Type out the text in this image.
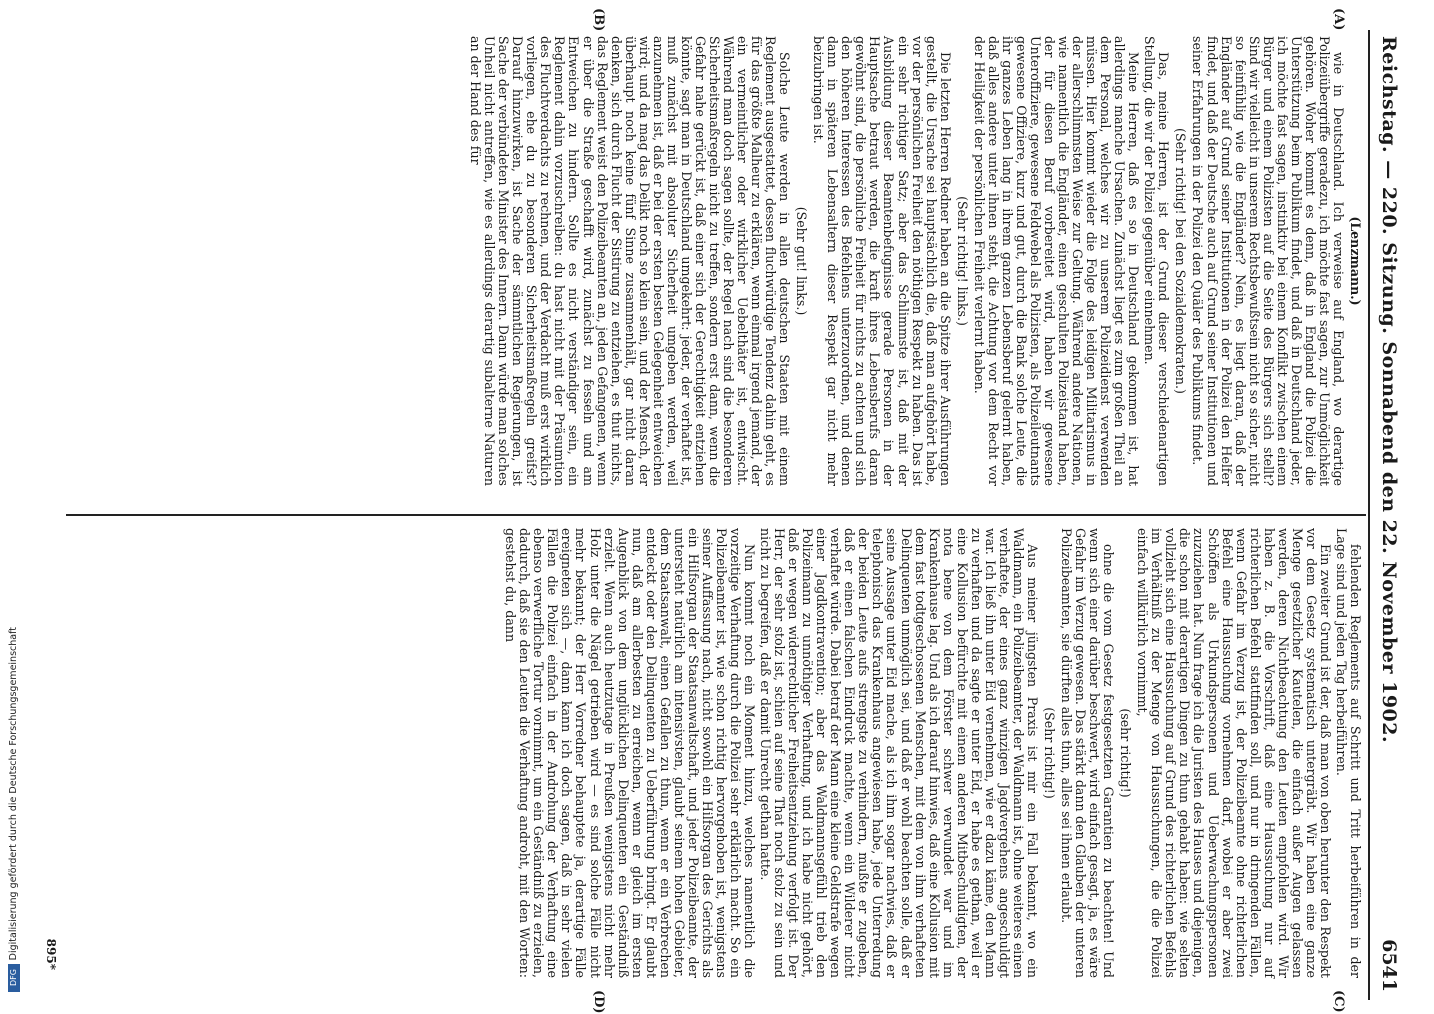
Reichstag. — 220. Sitzung. Sonnabend den 22. November 1902.
6541
(A)
(B)
(C)
(D)

(Lenzmann.)

wie in Deutschland. Ich verweise auf England, wo derartige Polizeiübergriffe geradezu, ich möchte fast sagen, zur Unmöglichkeit gehören. Woher kommt es denn, daß in England die Polizei die Unterstützung beim Publikum findet, und daß in Deutschland jeder, ich möchte fast sagen, instinktiv bei einem Konflikt zwischen einem Bürger und einem Polizisten auf die Seite des Bürgers sich stellt? Sind wir vielleicht in unserem Rechtsbewußtsein nicht so sicher, nicht so feinfühlig wie die Engländer? Nein, es liegt daran, daß der Engländer auf Grund seiner Institutionen in der Polizei den Helfer findet, und daß der Deutsche auch auf Grund seiner Institutionen und seiner Erfahrungen in der Polizei den Quäler des Publikums findet.

(Sehr richtig! bei den Sozialdemokraten.)

Das, meine Herren, ist der Grund dieser verschiedenartigen Stellung, die wir der Polizei gegenüber einnehmen.

Meine Herren, daß es so in Deutschland gekommen ist, hat allerdings manche Ursachen. Zunächst liegt es zum großen Theil an dem Personal, welches wir zu unserem Polizeidienst verwenden müssen. Hier kommt wieder die Folge des leidigen Militarismus in der allerschlimmsten Weise zur Geltung. Während andere Nationen, wie namentlich die Engländer, einen geschulten Polizeistand haben, der für diesen Beruf vorbereitet wird, haben wir gewesene Unteroffiziere, gewesene Feldwebel als Polizisten, als Polizeileutnants gewesene Offiziere, kurz und gut, durch die Bank solche Leute, die ihr ganzes Leben lang in ihrem ganzen Lebensberuf gelernt haben, daß alles andere unter ihnen steht, die Achtung vor dem Recht vor der Heiligkeit der persönlichen Freiheit verlernt haben.

(Sehr richtig! links.)

Die letzten Herren Redner haben an die Spitze ihrer Ausführungen gestellt, die Ursache sei hauptsächlich die, daß man aufgehört habe, vor der persönlichen Freiheit den nöthigen Respekt zu haben. Das ist ein sehr richtiger Satz; aber das Schlimmste ist, daß mit der Ausbildung dieser Beamtenbefugnisse gerade Personen in der Hauptsache betraut werden, die kraft ihres Lebensberufs daran gewöhnt sind, die persönliche Freiheit für nichts zu achten und sich den höheren Interessen des Befehlens unterzuordnen, und denen dann in späteren Lebensaltern dieser Respekt gar nicht mehr beizubringen ist.

(Sehr gut! links.)

Solche Leute werden in allen deutschen Staaten mit einem Reglement ausgestattet, dessen fluchwürdige Tendenz dahin geht, es für das größte Malheur zu erklären, wenn einmal irgend jemand, der ein vermeintlicher oder wirklicher Uebelthäter ist, entwischt. Während man doch sagen sollte, der Regel nach sind die besonderen Sicherheitsmaßregeln nicht zu treffen, sondern erst dann, wenn die Gefahr nahe gerückt ist, daß einer sich der Gerechtigkeit entziehen könnte, sagt man in Deutschland umgekehrt: jeder, der verhaftet ist, muß zunächst mit absoluter Sicherheit umgeben werden, weil anzunehmen ist, daß er bei der ersten besten Gelegenheit entweichen wird; und da mag das Delikt noch so klein sein, und der Mensch, der überhaupt noch keine fünf Sinne zusammenhält, gar nicht daran denken, sich durch Flucht der Sistirung zu entziehen, es thut nichts, das Reglement weist den Polizeibeamten an, jeden Gefangenen, wenn er über die Straße geschafft wird, zunächst zu fesseln und am Entweichen zu hindern. Sollte es nicht verständiger sein, ein Reglement dahin vorzuschreiben: du hast nicht mit der Präsumtion des Fluchtverdachts zu rechnen, und der Verdacht muß erst wirklich vorliegen, ehe du zu besonderen Sicherheitsmaßregeln greifst? Darauf hinzuwirken, ist Sache der sämmtlichen Regierungen, ist Sache der verbündeten Minister des Innern. Dann würde man solches Unheil nicht antreffen, wie es allerdings derartig subalterne Naturen an der Hand des für

fehlenden Reglements auf Schritt und Tritt herbeiführen in der Lage sind und jeden Tag herbeiführen.

Ein zweiter Grund ist der, daß man von oben herunter den Respekt vor dem Gesetz systematisch untergräbt. Wir haben eine ganze Menge gesetzlicher Kautelen, die einfach außer Augen gelassen werden, deren Nichtbeachtung den Leuten empfohlen wird. Wir haben z. B. die Vorschrift, daß eine Haussuchung nur auf richterlichen Befehl stattfinden soll, und nur in dringenden Fällen, wenn Gefahr im Verzug ist, der Polizeibeamte ohne richterlichen Befehl eine Haussuchung vornehmen darf, wobei er aber zwei Schöffen als Urkundspersonen und Ueberwachungspersonen zuzuziehen hat. Nun frage ich die Juristen des Hauses und diejenigen, die schon mit derartigen Dingen zu thun gehabt haben: wie selten vollzieht sich eine Haussuchung auf Grund des richterlichen Befehls im Verhältniß zu der Menge von Haussuchungen, die die Polizei einfach willkürlich vornimmt,

(sehr richtig!)

ohne die vom Gesetz festgesetzten Garantien zu beachten! Und wenn sich einer darüber beschwert, wird einfach gesagt, ja, es wäre Gefahr im Verzug gewesen. Das stärkt dann den Glauben der unteren Polizeibeamten, sie dürften alles thun, alles sei ihnen erlaubt.

(Sehr richtig!)

Aus meiner jüngsten Praxis ist mir ein Fall bekannt, wo ein Waldmann, ein Polizeibeamter, der Waldmann ist, ohne weiteres einen verhaftete, der eines ganz winzigen Jagdvergehens angeschuldigt war. Ich ließ ihn unter Eid vernehmen, wie er dazu käme, den Mann zu verhaften und da sagte er unter Eid, er habe es gethan, weil er eine Kollusion befürchte mit einem anderen Mitbeschuldigten, der nota bene von dem Förster schwer verwundet war und im Krankenhause lag. Und als ich darauf hinwies, daß eine Kollusion mit dem fast todtgeschossenen Menschen, mit dem von ihm verhafteten Delinquenten unmöglich sei, und daß er wohl beachten solle, daß er seine Aussage unter Eid mache, als ich ihm sogar nachwies, daß er telephonisch das Krankenhaus angewiesen habe, jede Unterredung der beiden Leute aufs strengste zu verhindern, mußte er zugeben, daß er einen falschen Eindruck machte, wenn ein Wilderer nicht verhaftet würde. Dabei betraf der Mann eine kleine Geldstrafe wegen einer Jagdkontravention; aber das Waldmannsgefühl trieb den Polizeimann zu unnöthiger Verhaftung, und ich habe nicht gehört, daß er wegen widerrechtlicher Freiheitsentziehung verfolgt ist. Der Herr, der sehr stolz ist, schien auf seine That noch stolz zu sein und nicht zu begreifen, daß er damit Unrecht gethan hatte.

Nun kommt noch ein Moment hinzu, welches namentlich die vorzeitige Verhaftung durch die Polizei sehr erklärlich macht. So ein Polizeibeamter ist, wie schon richtig hervorgehoben ist, wenigstens seiner Auffassung nach, nicht sowohl ein Hilfsorgan des Gerichts als ein Hilfsorgan der Staatsanwaltschaft, und jeder Polizeibeamte, der untersteht natürlich am intensivsten, glaubt seinem hohen Gebieter, dem Staatsanwalt, einen Gefallen zu thun, wenn er ein Verbrechen entdeckt oder den Delinquenten zu Ueberführung bringt. Er glaubt nun, daß am allerbesten zu erreichen, wenn er gleich im ersten Augenblick von dem unglücklichen Delinquenten ein Geständniß erzielt. Wenn auch heutzutage in Preußen wenigstens nicht mehr Holz unter die Nägel getrieben wird — es sind solche Fälle nicht mehr bekannt; der Herr Vorredner behauptete ja, derartige Fälle ereigneten sich —, dann kann ich doch sagen, daß in sehr vielen Fällen die Polizei einfach in der Androhung der Verhaftung eine ebenso verwerfliche Tortur vornimmt, um ein Geständniß zu erzielen, dadurch, daß sie den Leuten die Verhaftung androht, mit den Worten: gestehst du, dann

895*
Digitalisierung gefördert durch die Deutsche Forschungsgemeinschaft
DFG
